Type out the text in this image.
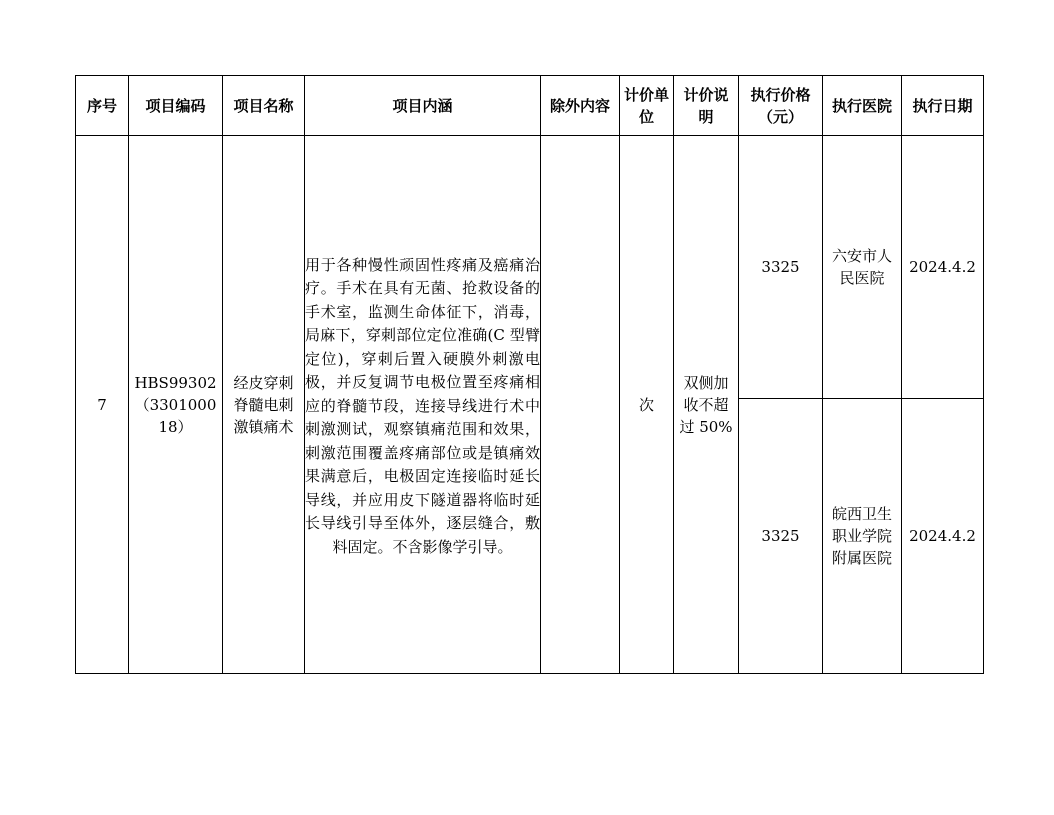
序号	项目编码	项目名称	项目内涵	除外内容	计价单位	计价说明	执行价格（元）	执行医院	执行日期
7	HBS99302（330100018）	经皮穿刺脊髓电刺激镇痛术	用于各种慢性顽固性疼痛及癌痛治疗。手术在具有无菌、抢救设备的手术室，监测生命体征下，消毒，局麻下，穿刺部位定位准确(C 型臂定位)，穿刺后置入硬膜外刺激电极，并反复调节电极位置至疼痛相应的脊髓节段，连接导线进行术中刺激测试，观察镇痛范围和效果，刺激范围覆盖疼痛部位或是镇痛效果满意后，电极固定连接临时延长导线，并应用皮下隧道器将临时延长导线引导至体外，逐层缝合，敷料固定。不含影像学引导。		次	双侧加收不超过 50%	3325	六安市人民医院	2024.4.2
							3325	皖西卫生职业学院附属医院	2024.4.2
